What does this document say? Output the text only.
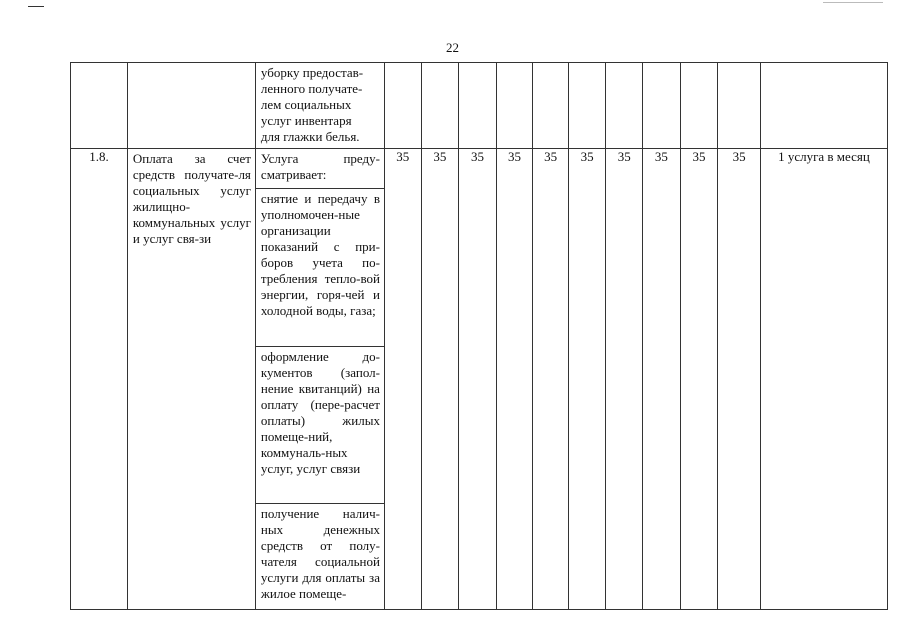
22

		уборку предостав-
ленного получате-
лем социальных
услуг инвентаря
для глажки белья.											

1.8.	Оплата за счет средств получате-ля социальных услуг жилищно-коммунальных услуг и услуг свя-зи	Услуга преду-сматривает:
снятие и передачу в уполномочен-ные организации показаний с при-боров учета по-требления тепло-вой энергии, горя-чей и холодной воды, газа;
оформление до-кументов (запол-нение квитанций) на оплату (пере-расчет оплаты) жилых помеще-ний, коммуналь-ных услуг, услуг связи
получение налич-ных денежных средств от полу-чателя социальной услуги для оплаты за жилое помеще-	35	35	35	35	35	35	35	35	35	35	1 услуга в месяц
